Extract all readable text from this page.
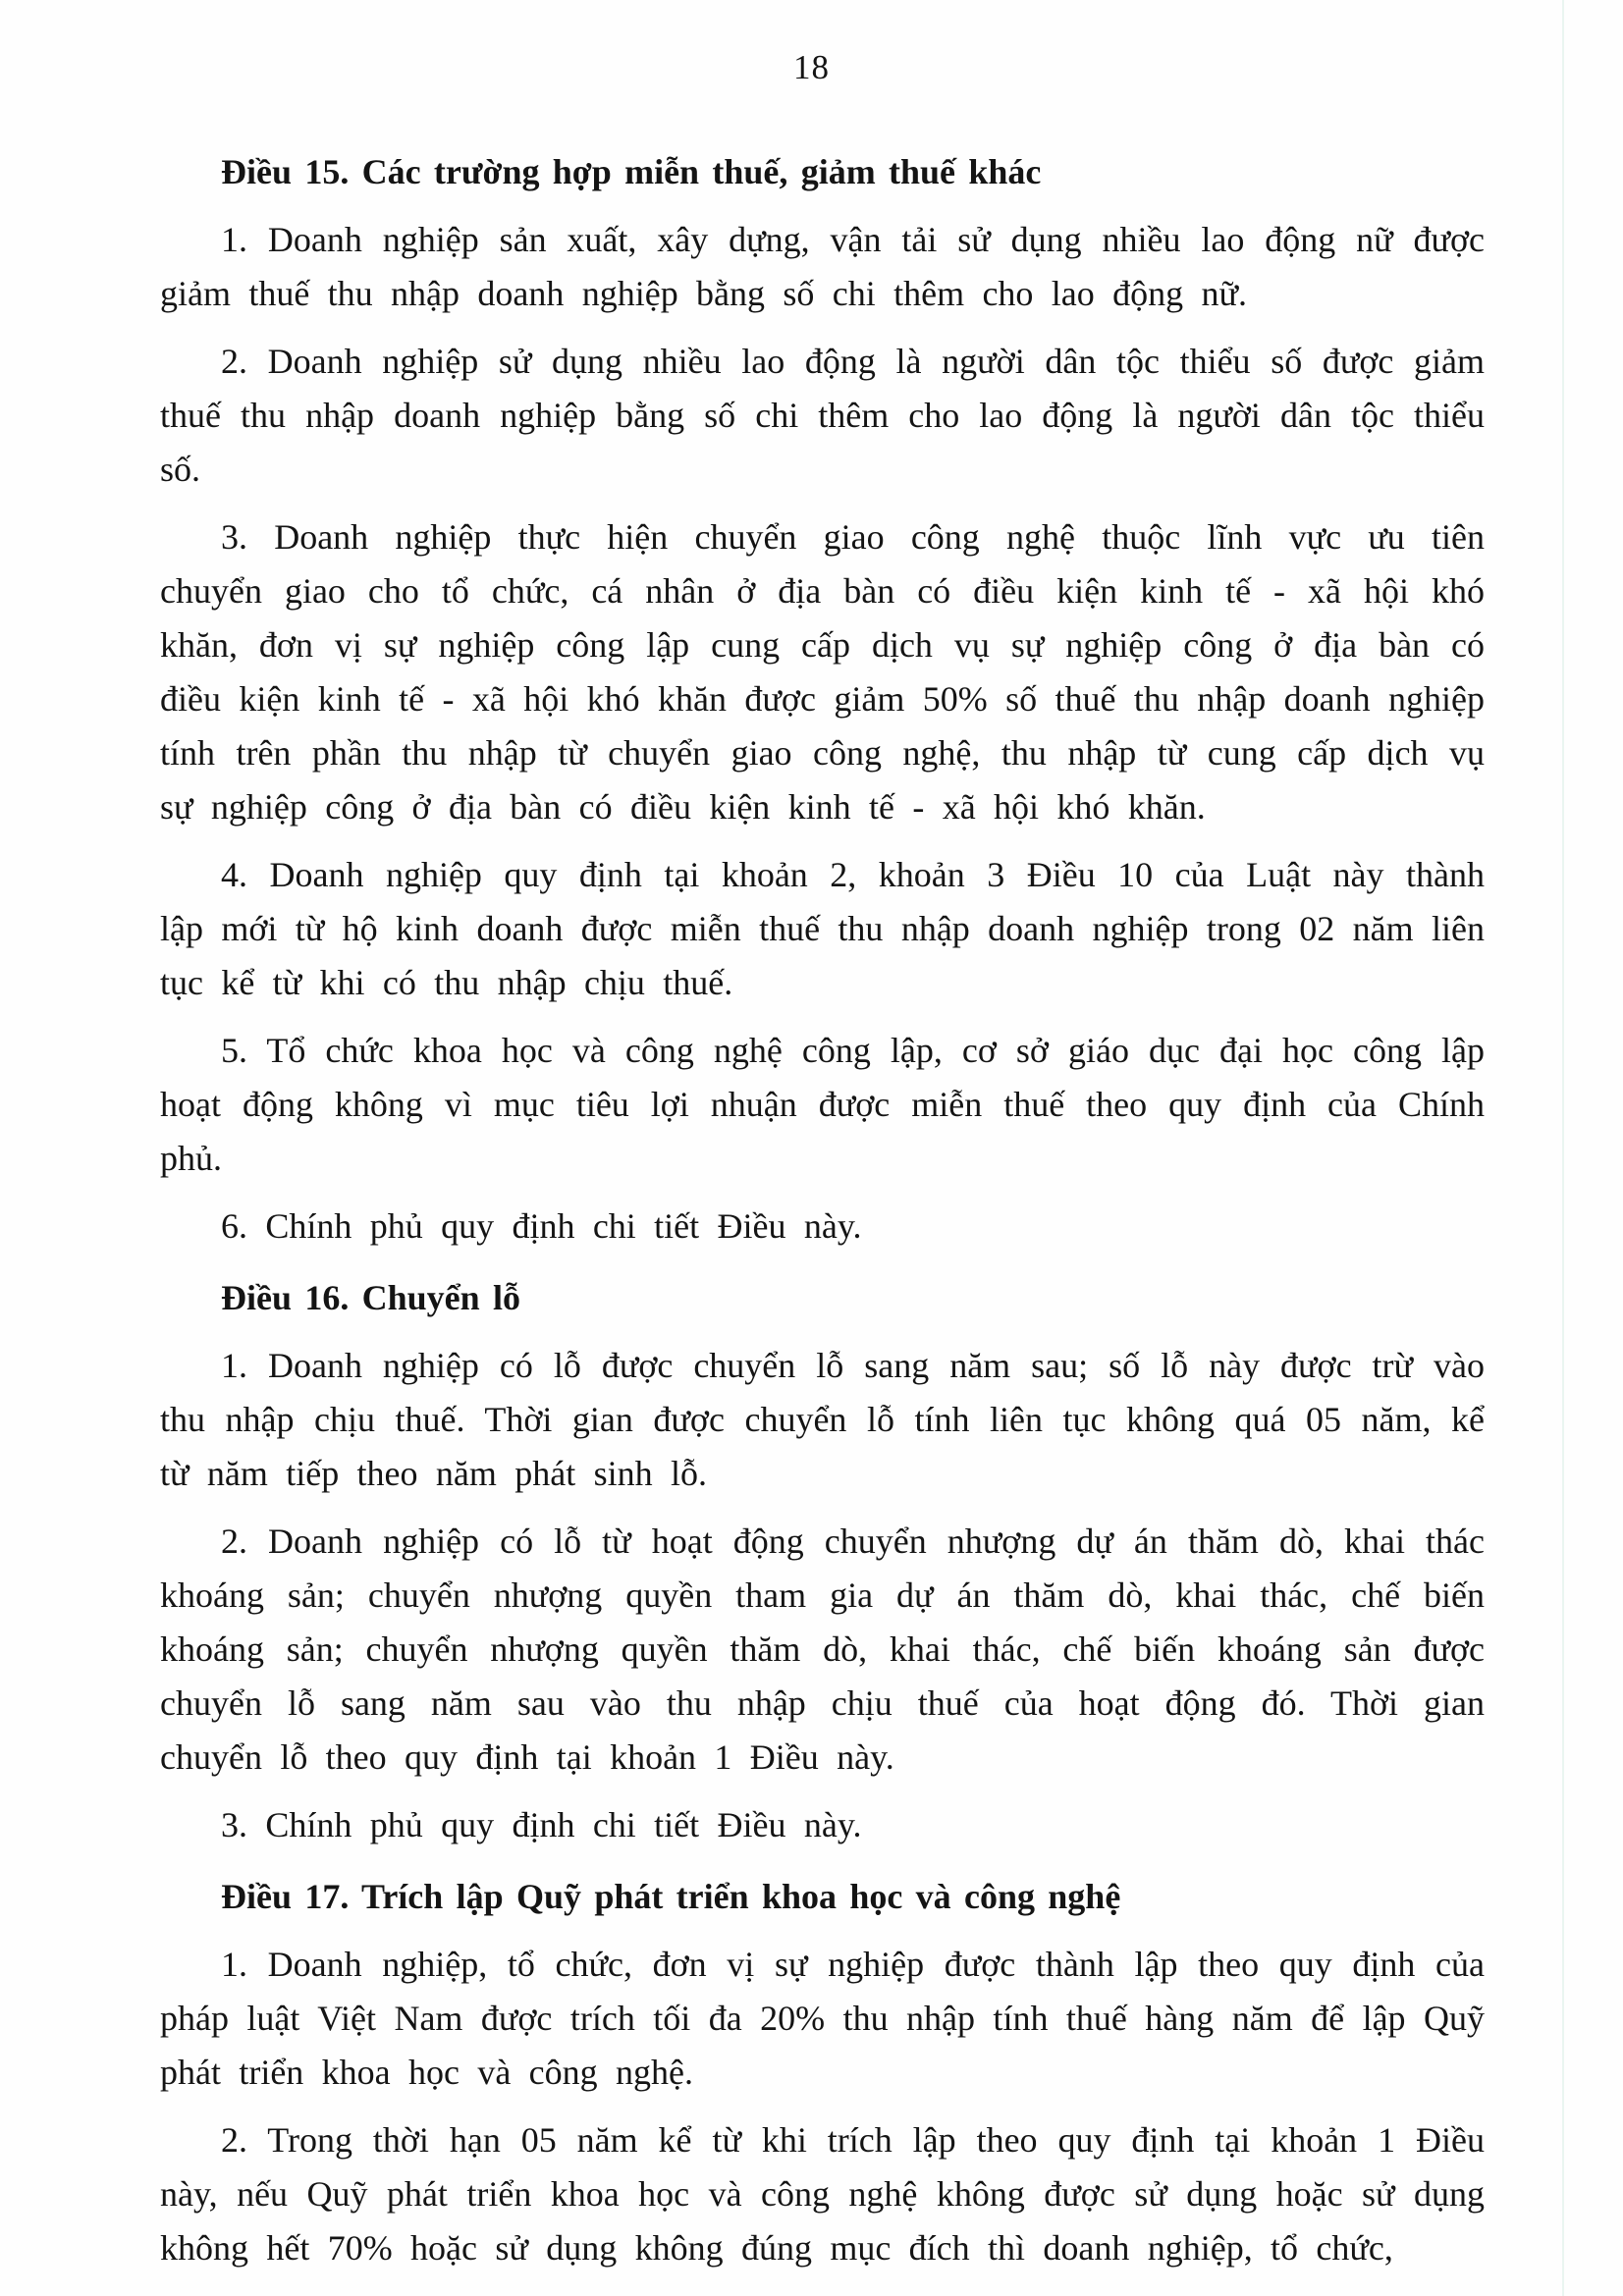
18
Điều 15. Các trường hợp miễn thuế, giảm thuế khác
1. Doanh nghiệp sản xuất, xây dựng, vận tải sử dụng nhiều lao động nữ được giảm thuế thu nhập doanh nghiệp bằng số chi thêm cho lao động nữ.
2. Doanh nghiệp sử dụng nhiều lao động là người dân tộc thiểu số được giảm thuế thu nhập doanh nghiệp bằng số chi thêm cho lao động là người dân tộc thiểu số.
3. Doanh nghiệp thực hiện chuyển giao công nghệ thuộc lĩnh vực ưu tiên chuyển giao cho tổ chức, cá nhân ở địa bàn có điều kiện kinh tế - xã hội khó khăn, đơn vị sự nghiệp công lập cung cấp dịch vụ sự nghiệp công ở địa bàn có điều kiện kinh tế - xã hội khó khăn được giảm 50% số thuế thu nhập doanh nghiệp tính trên phần thu nhập từ chuyển giao công nghệ, thu nhập từ cung cấp dịch vụ sự nghiệp công ở địa bàn có điều kiện kinh tế - xã hội khó khăn.
4. Doanh nghiệp quy định tại khoản 2, khoản 3 Điều 10 của Luật này thành lập mới từ hộ kinh doanh được miễn thuế thu nhập doanh nghiệp trong 02 năm liên tục kể từ khi có thu nhập chịu thuế.
5. Tổ chức khoa học và công nghệ công lập, cơ sở giáo dục đại học công lập hoạt động không vì mục tiêu lợi nhuận được miễn thuế theo quy định của Chính phủ.
6. Chính phủ quy định chi tiết Điều này.
Điều 16. Chuyển lỗ
1. Doanh nghiệp có lỗ được chuyển lỗ sang năm sau; số lỗ này được trừ vào thu nhập chịu thuế. Thời gian được chuyển lỗ tính liên tục không quá 05 năm, kể từ năm tiếp theo năm phát sinh lỗ.
2. Doanh nghiệp có lỗ từ hoạt động chuyển nhượng dự án thăm dò, khai thác khoáng sản; chuyển nhượng quyền tham gia dự án thăm dò, khai thác, chế biến khoáng sản; chuyển nhượng quyền thăm dò, khai thác, chế biến khoáng sản được chuyển lỗ sang năm sau vào thu nhập chịu thuế của hoạt động đó. Thời gian chuyển lỗ theo quy định tại khoản 1 Điều này.
3. Chính phủ quy định chi tiết Điều này.
Điều 17. Trích lập Quỹ phát triển khoa học và công nghệ
1. Doanh nghiệp, tổ chức, đơn vị sự nghiệp được thành lập theo quy định của pháp luật Việt Nam được trích tối đa 20% thu nhập tính thuế hàng năm để lập Quỹ phát triển khoa học và công nghệ.
2. Trong thời hạn 05 năm kể từ khi trích lập theo quy định tại khoản 1 Điều này, nếu Quỹ phát triển khoa học và công nghệ không được sử dụng hoặc sử dụng không hết 70% hoặc sử dụng không đúng mục đích thì doanh nghiệp, tổ chức,
